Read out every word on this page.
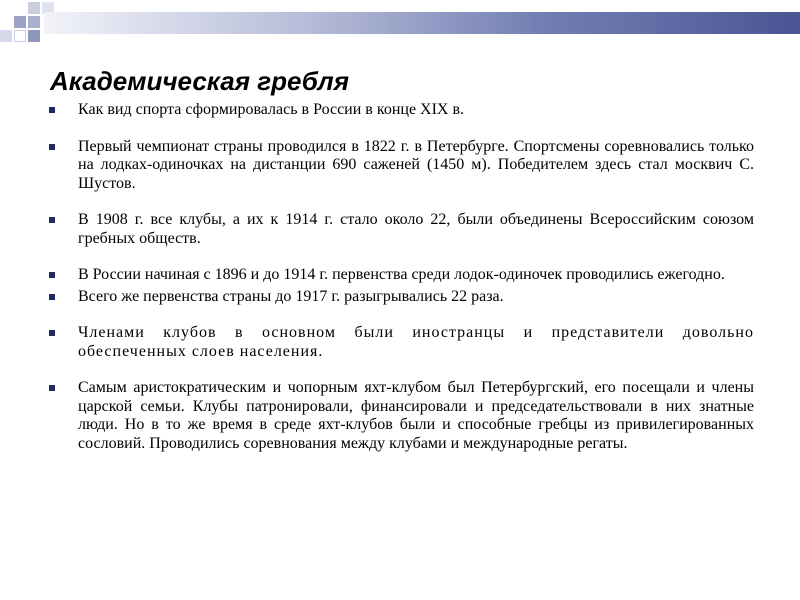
Академическая гребля
Как вид спорта сформировалась в России в конце XIX в.
Первый чемпионат страны проводился в 1822 г. в Петербурге. Спортсмены соревновались только на лодках-одиночках на дистанции 690 саженей (1450 м). Победителем здесь стал москвич С. Шустов.
В 1908 г. все клубы, а их к 1914 г. стало около 22, были объединены Всероссийским союзом гребных обществ.
В России начиная с 1896 и до 1914 г. первенства среди лодок-одиночек проводились ежегодно.
Всего же первенства страны до 1917 г. разыгрывались 22 раза.
Членами клубов в основном были иностранцы и представители довольно обеспеченных слоев населения.
Самым аристократическим и чопорным яхт-клубом был Петербургский, его посещали и члены царской семьи. Клубы патронировали, финансировали и председательствовали в них знатные люди. Но в то же время в среде яхт-клубов были и способные гребцы из привилегированных сословий. Проводились соревнования между клубами и международные регаты.
